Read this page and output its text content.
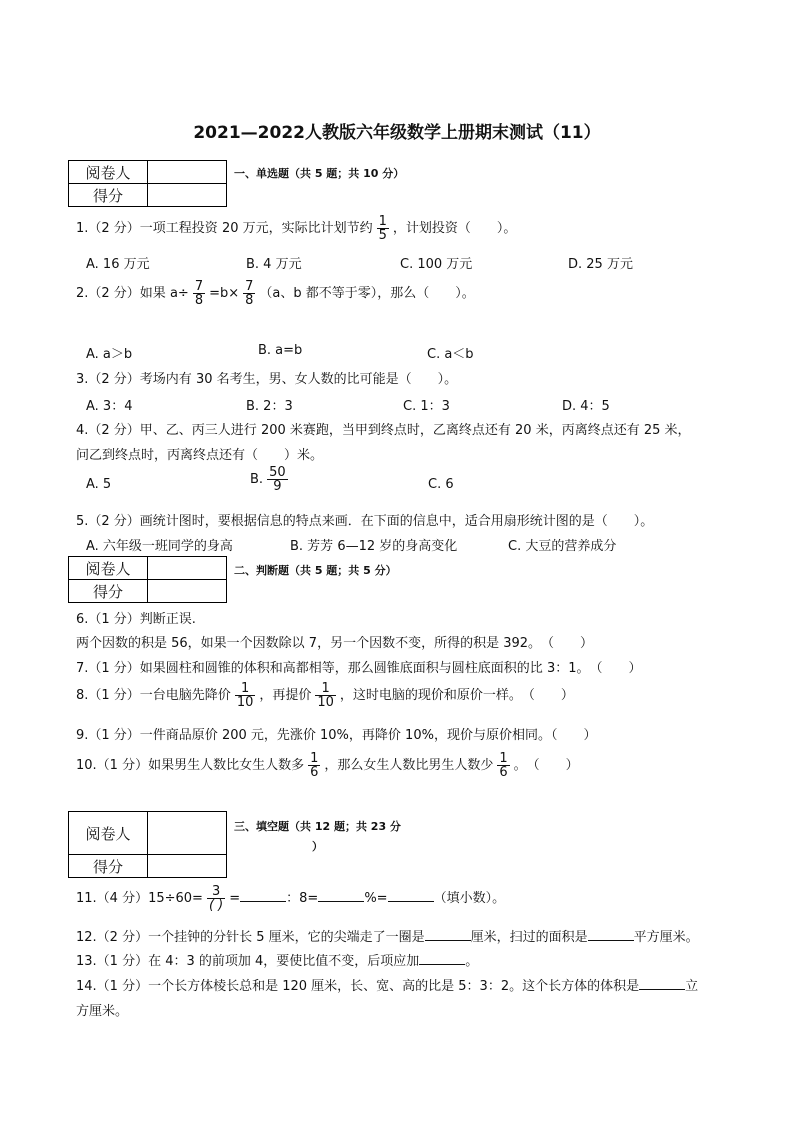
2021—2022人教版六年级数学上册期末测试（11）
阅卷人	
得分	
一、单选题（共 5 题；共 10 分）
1.（2 分）一项工程投资 20 万元，实际比计划节约 $\frac{1}{5}$ ，计划投资（　　）。
A. 16 万元	B. 4 万元	C. 100 万元	D. 25 万元
2.（2 分）如果 $a\div \frac{7}{8} =b\times \frac{7}{8} (a$、b 都不等于零），那么（　　）。
A. a＞b	B. a=b	C. a＜b
3.（2 分）考场内有 30 名考生，男、女人数的比可能是（　　）。
A. 3：4	B. 2：3	C. 1：3	D. 4：5
4.（2 分）甲、乙、丙三人进行 200 米赛跑，当甲到终点时，乙离终点还有 20 米，丙离终点还有 25 米，
问乙到终点时，丙离终点还有（　　）米。
A. 5	B. $\frac{50}{9}$	C. 6
5.（2 分）画统计图时，要根据信息的特点来画．在下面的信息中，适合用扇形统计图的是（　　）。
A. 六年级一班同学的身高	B. 芳芳 6—12 岁的身高变化	C. 大豆的营养成分
阅卷人	
得分	
二、判断题（共 5 题；共 5 分）
6.（1 分）判断正误.
两个因数的积是 56，如果一个因数除以 7，另一个因数不变，所得的积是 392。　（　　）
7.（1 分）如果圆柱和圆锥的体积和高都相等，那么圆锥底面积与圆柱底面积的比 3：1。　（　　）
8.（1 分）一台电脑先降价 $\frac{1}{10}$ ，再提价 $\frac{1}{10}$ ，这时电脑的现价和原价一样。　（　　）
9.（1 分）一件商品原价 200 元，先涨价 10%，再降价 10%，现价与原价相同。（　　）
10.（1 分）如果男生人数比女生人数多 $\frac{1}{6}$ ，那么女生人数比男生人数少 $\frac{1}{6}$ 。　（　　）
阅卷人	
得分	
三、填空题（共 12 题；共 23 分
）
11.（4 分）$15\div 60= \frac{3}{( )}$ =	：8=	%=	（填小数）。
12.（2 分）一个挂钟的分针长 5 厘米，它的尖端走了一圈是	厘米，扫过的面积是	平方厘米。
13.（1 分）在 4：3 的前项加 4，要使比值不变，后项应加	。
14.（1 分）一个长方体棱长总和是 120 厘米，长、宽、高的比是 5：3：2。这个长方体的体积是	立
方厘米。
